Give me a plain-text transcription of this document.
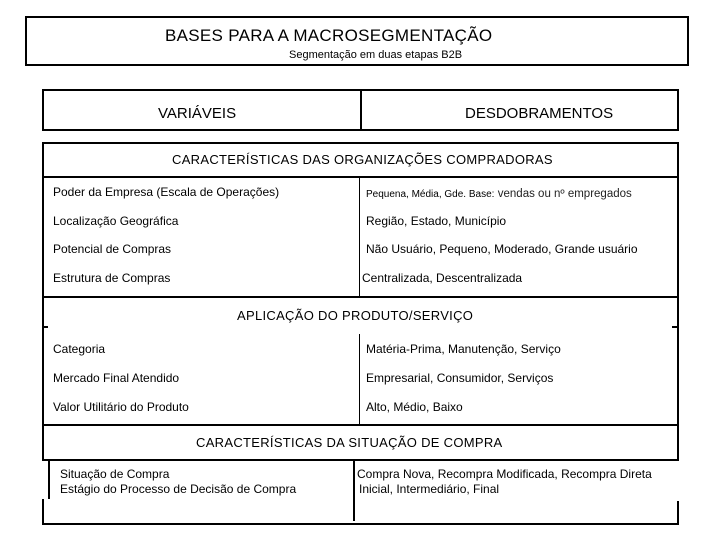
BASES PARA A MACROSEGMENTAÇÃO
Segmentação em duas etapas B2B
VARIÁVEIS	DESDOBRAMENTOS
CARACTERÍSTICAS DAS ORGANIZAÇÕES COMPRADORAS
Poder da Empresa (Escala de Operações)	Pequena, Média, Gde. Base: vendas ou nº empregados
Localização Geográfica	Região, Estado, Município
Potencial de Compras	Não Usuário, Pequeno, Moderado, Grande usuário
Estrutura de Compras	Centralizada, Descentralizada
APLICAÇÃO DO PRODUTO/SERVIÇO
Categoria	Matéria-Prima, Manutenção, Serviço
Mercado Final Atendido	Empresarial, Consumidor, Serviços
Valor Utilitário do Produto	Alto, Médio, Baixo
CARACTERÍSTICAS DA SITUAÇÃO DE COMPRA
Situação de Compra	Compra Nova, Recompra Modificada, Recompra Direta
Estágio do Processo de Decisão de Compra	Inicial, Intermediário, Final
